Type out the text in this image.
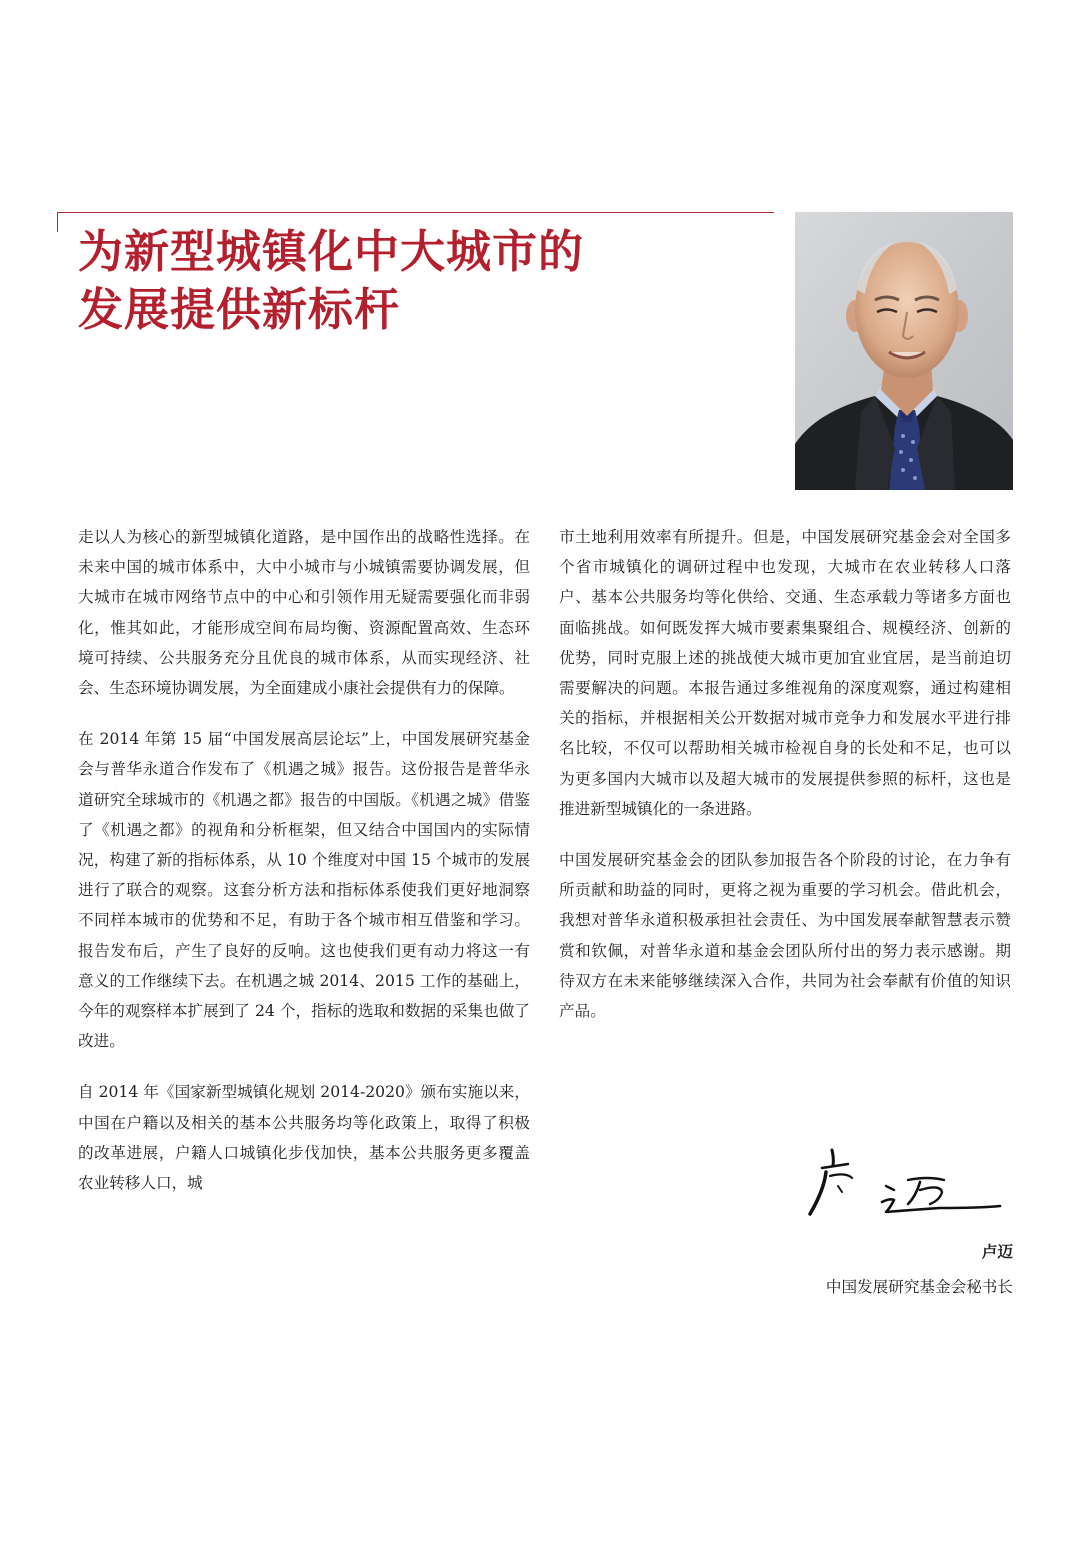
为新型城镇化中大城市的
发展提供新标杆

走以人为核心的新型城镇化道路，是中国作出的战略性选择。在未来中国的城市体系中，大中小城市与小城镇需要协调发展，但大城市在城市网络节点中的中心和引领作用无疑需要强化而非弱化，惟其如此，才能形成空间布局均衡、资源配置高效、生态环境可持续、公共服务充分且优良的城市体系，从而实现经济、社会、生态环境协调发展，为全面建成小康社会提供有力的保障。

在 2014 年第 15 届“中国发展高层论坛”上，中国发展研究基金会与普华永道合作发布了《机遇之城》报告。这份报告是普华永道研究全球城市的《机遇之都》报告的中国版。《机遇之城》借鉴了《机遇之都》的视角和分析框架，但又结合中国国内的实际情况，构建了新的指标体系，从 10 个维度对中国 15 个城市的发展进行了联合的观察。这套分析方法和指标体系使我们更好地洞察不同样本城市的优势和不足，有助于各个城市相互借鉴和学习。报告发布后，产生了良好的反响。这也使我们更有动力将这一有意义的工作继续下去。在机遇之城 2014、2015 工作的基础上，今年的观察样本扩展到了 24 个，指标的选取和数据的采集也做了改进。

自 2014 年《国家新型城镇化规划 2014-2020》颁布实施以来，中国在户籍以及相关的基本公共服务均等化政策上，取得了积极的改革进展，户籍人口城镇化步伐加快，基本公共服务更多覆盖农业转移人口，城

市土地利用效率有所提升。但是，中国发展研究基金会对全国多个省市城镇化的调研过程中也发现，大城市在农业转移人口落户、基本公共服务均等化供给、交通、生态承载力等诸多方面也面临挑战。如何既发挥大城市要素集聚组合、规模经济、创新的优势，同时克服上述的挑战使大城市更加宜业宜居，是当前迫切需要解决的问题。本报告通过多维视角的深度观察，通过构建相关的指标，并根据相关公开数据对城市竞争力和发展水平进行排名比较，不仅可以帮助相关城市检视自身的长处和不足，也可以为更多国内大城市以及超大城市的发展提供参照的标杆，这也是推进新型城镇化的一条进路。

中国发展研究基金会的团队参加报告各个阶段的讨论，在力争有所贡献和助益的同时，更将之视为重要的学习机会。借此机会，我想对普华永道积极承担社会责任、为中国发展奉献智慧表示赞赏和钦佩，对普华永道和基金会团队所付出的努力表示感谢。期待双方在未来能够继续深入合作，共同为社会奉献有价值的知识产品。

卢迈

中国发展研究基金会秘书长
